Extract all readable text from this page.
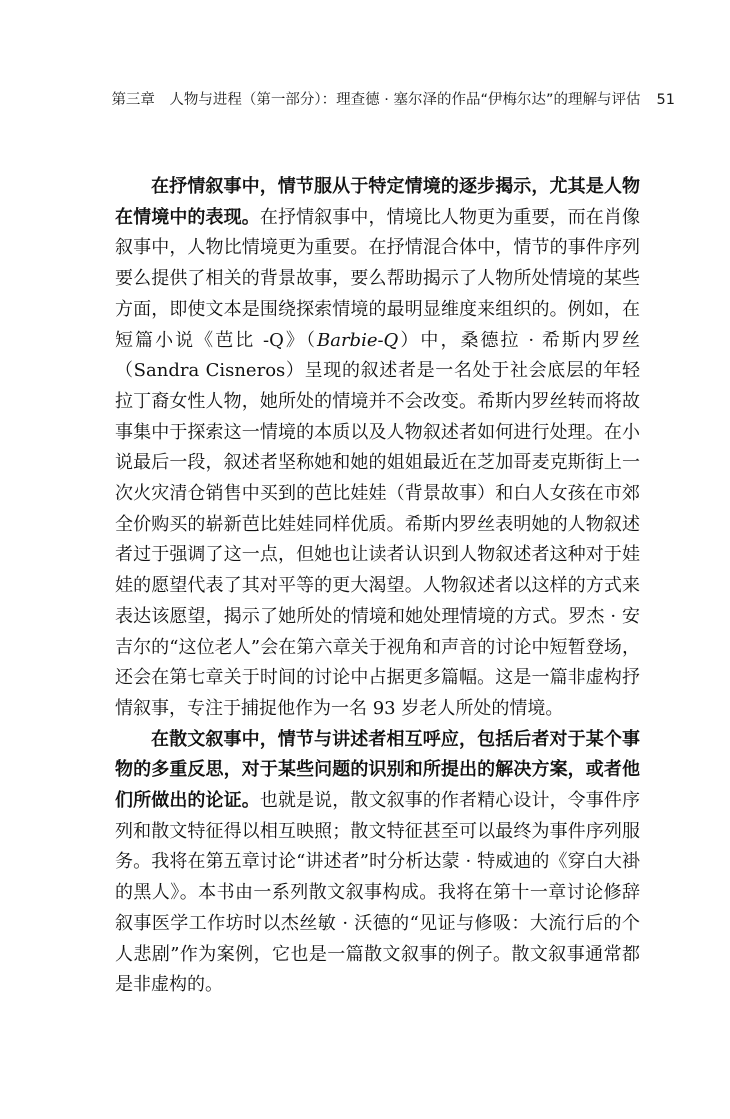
第三章　人物与进程（第一部分）：理查德 · 塞尔泽的作品“伊梅尔达”的理解与评估 51

在抒情叙事中，情节服从于特定情境的逐步揭示，尤其是人物在情境中的表现。在抒情叙事中，情境比人物更为重要，而在肖像叙事中，人物比情境更为重要。在抒情混合体中，情节的事件序列要么提供了相关的背景故事，要么帮助揭示了人物所处情境的某些方面，即使文本是围绕探索情境的最明显维度来组织的。例如，在短篇小说《芭比 -Q》（Barbie-Q）中，桑德拉 · 希斯内罗丝（Sandra Cisneros）呈现的叙述者是一名处于社会底层的年轻拉丁裔女性人物，她所处的情境并不会改变。希斯内罗丝转而将故事集中于探索这一情境的本质以及人物叙述者如何进行处理。在小说最后一段，叙述者坚称她和她的姐姐最近在芝加哥麦克斯街上一次火灾清仓销售中买到的芭比娃娃（背景故事）和白人女孩在市郊全价购买的崭新芭比娃娃同样优质。希斯内罗丝表明她的人物叙述者过于强调了这一点，但她也让读者认识到人物叙述者这种对于娃娃的愿望代表了其对平等的更大渴望。人物叙述者以这样的方式来表达该愿望，揭示了她所处的情境和她处理情境的方式。罗杰 · 安吉尔的“这位老人”会在第六章关于视角和声音的讨论中短暂登场，还会在第七章关于时间的讨论中占据更多篇幅。这是一篇非虚构抒情叙事，专注于捕捉他作为一名 93 岁老人所处的情境。

在散文叙事中，情节与讲述者相互呼应，包括后者对于某个事物的多重反思，对于某些问题的识别和所提出的解决方案，或者他们所做出的论证。也就是说，散文叙事的作者精心设计，令事件序列和散文特征得以相互映照；散文特征甚至可以最终为事件序列服务。我将在第五章讨论“讲述者”时分析达蒙 · 特威迪的《穿白大褂的黑人》。本书由一系列散文叙事构成。我将在第十一章讨论修辞叙事医学工作坊时以杰丝敏 · 沃德的“见证与修吸：大流行后的个人悲剧”作为案例，它也是一篇散文叙事的例子。散文叙事通常都是非虚构的。
